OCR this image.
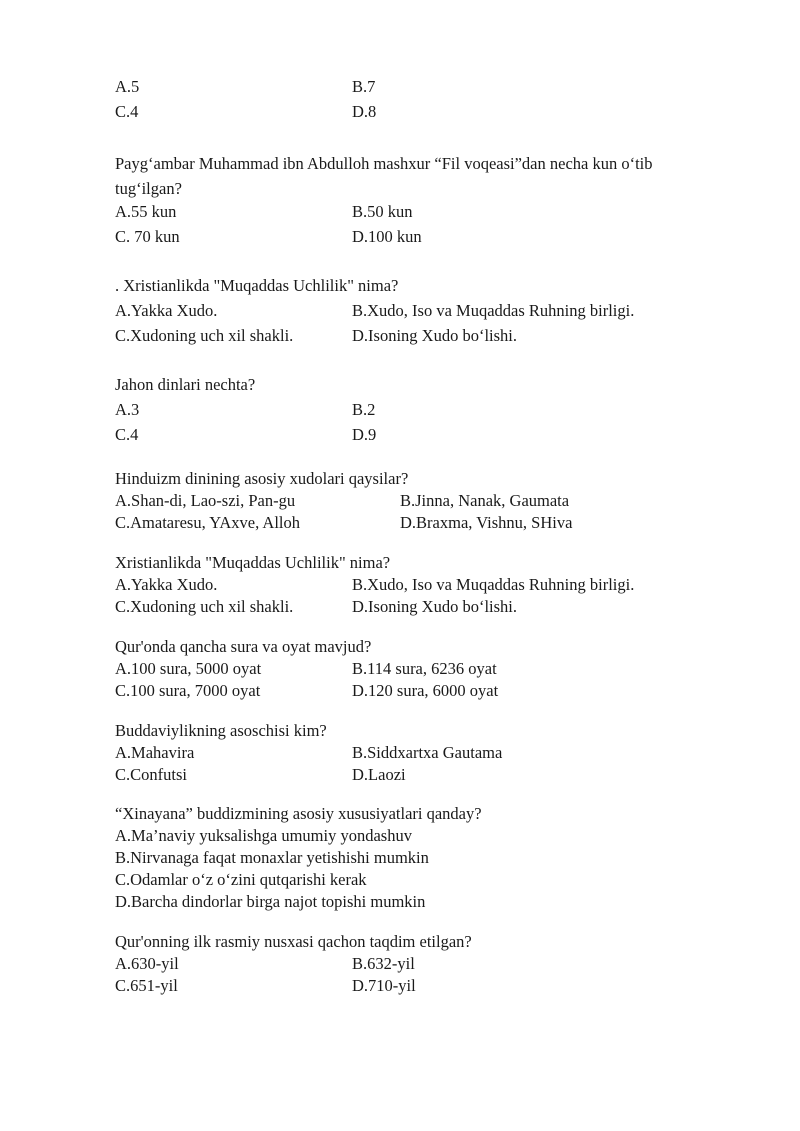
A.5	B.7
C.4	D.8
Payg‘ambar Muhammad ibn Abdulloh mashxur “Fil voqeasi”dan necha kun o‘tib tug‘ilgan?
A.55 kun	B.50 kun
C. 70 kun	D.100 kun
. Xristianlikda "Muqaddas Uchlilik" nima?
A.Yakka Xudo.	B.Xudo, Iso va Muqaddas Ruhning birligi.
C.Xudoning uch xil shakli.	D.Isoning Xudo bo‘lishi.
Jahon dinlari nechta?
A.3	B.2
C.4	D.9
Hinduizm dinining asosiy xudolari qaysilar?
A.Shan-di, Lao-szi, Pan-gu	B.Jinna, Nanak, Gaumata
C.Amataresu, YAxve, Alloh	D.Braxma, Vishnu, SHiva
Xristianlikda "Muqaddas Uchlilik" nima?
A.Yakka Xudo.	B.Xudo, Iso va Muqaddas Ruhning birligi.
C.Xudoning uch xil shakli.	D.Isoning Xudo bo‘lishi.
Qur'onda qancha sura va oyat mavjud?
A.100 sura, 5000 oyat	B.114 sura, 6236 oyat
C.100 sura, 7000 oyat	D.120 sura, 6000 oyat
Buddaviylikning asoschisi kim?
A.Mahavira	B.Siddxartxa Gautama
C.Confutsi	D.Laozi
“Xinayana” buddizmining asosiy xususiyatlari qanday?
A.Ma’naviy yuksalishga umumiy yondashuv
B.Nirvanaga faqat monaxlar yetishishi mumkin
C.Odamlar o‘z o‘zini qutqarishi kerak
D.Barcha dindorlar birga najot topishi mumkin
Qur'onning ilk rasmiy nusxasi qachon taqdim etilgan?
A.630-yil	B.632-yil
C.651-yil	D.710-yil
